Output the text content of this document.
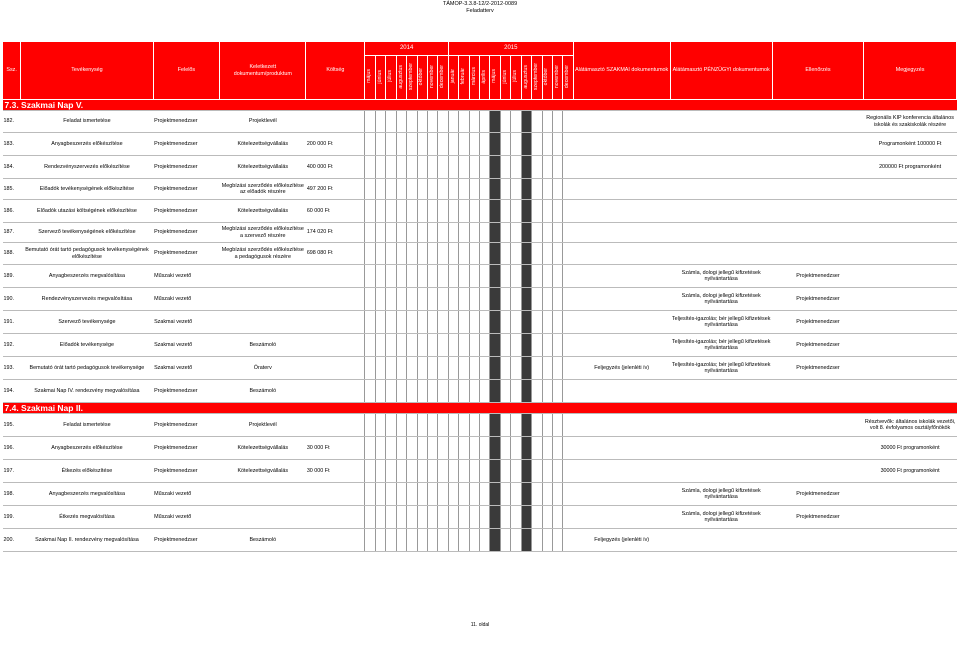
TÁMOP-3.3.8-12/2-2012-0089
Feladatterv
Ssz.	Tevékenység	Felelős	Keletkezett dokumentum/produktum	Költség	2014								2015												Alátámasztó SZAKMAI dokumentumok	Alátámasztó PÉNZÜGYI dokumentumok	Ellenőrzés	Megjegyzés
					május	június	július	augusztus	szeptember	október	november	december	január	február	március	április	május	június	július	augusztus	szeptember	október	november	december				
7.3. Szakmai Nap V.																												
182.	Feladat ismertetése	Projektmenedzser	Projektlevél																									Regionális KIP konferencia általános iskolák és szakiskolák részére
183.	Anyagbeszerzés előkészítése	Projektmenedzser	Kötelezettségvállalás	200 000 Ft																								Programonként 100000 Ft
184.	Rendezvényszervezés előkészítése	Projektmenedzser	Kötelezettségvállalás	400 000 Ft																								200000 Ft programonként
185.	Előadók tevékenységének előkészítése	Projektmenedzser	Megbízási szerződés előkészítése az előadók részére	497 200 Ft																								
186.	Előadók utazási költségének előkészítése	Projektmenedzser	Kötelezettségvállalás	60 000 Ft																								
187.	Szervező tevékenységének előkészítése	Projektmenedzser	Megbízási szerződés előkészítése a szervező részére	174 020 Ft																								
188.	Bemutató órát tartó pedagógusok tevékenységének előkészítése	Projektmenedzser	Megbízási szerződés előkészítése a pedagógusok részére	698 080 Ft																								
189.	Anyagbeszerzés megvalósítása	Műszaki vezető																								Számla, dologi jellegű kifizetések nyilvántartása	Projektmenedzser	
190.	Rendezvényszervezés megvalósítása	Műszaki vezető																								Számla, dologi jellegű kifizetések nyilvántartása	Projektmenedzser	
191.	Szervező tevékenysége	Szakmai vezető																								Teljesítés-igazolás; bér jellegű kifizetések nyilvántartása	Projektmenedzser	
192.	Előadók tevékenysége	Szakmai vezető	Beszámoló																							Teljesítés-igazolás; bér jellegű kifizetések nyilvántartása	Projektmenedzser	
193.	Bemutató órát tartó pedagógusok tevékenysége	Szakmai vezető	Óraterv																						Feljegyzés (jelenléti ív)	Teljesítés-igazolás; bér jellegű kifizetések nyilvántartása	Projektmenedzser	
194.	Szakmai Nap IV. rendezvény megvalósítása	Projektmenedzser	Beszámoló																									
7.4. Szakmai Nap II.																												
195.	Feladat ismertetése	Projektmenedzser	Projektlevél																									Résztvevők: általános iskolák vezetői, volt 8. évfolyamos osztályfőnökök
196.	Anyagbeszerzés előkészítése	Projektmenedzser	Kötelezettségvállalás	30 000 Ft																								30000 Ft programonként
197.	Étkezés előkészítése	Projektmenedzser	Kötelezettségvállalás	30 000 Ft																								30000 Ft programonként
198.	Anyagbeszerzés megvalósítása	Műszaki vezető																								Számla, dologi jellegű kifizetések nyilvántartása	Projektmenedzser	
199.	Étkezés megvalósítása	Műszaki vezető																								Számla, dologi jellegű kifizetések nyilvántartása	Projektmenedzser	
200.	Szakmai Nap II. rendezvény megvalósítása	Projektmenedzser	Beszámoló																						Feljegyzés (jelenléti ív)			
11. oldal
